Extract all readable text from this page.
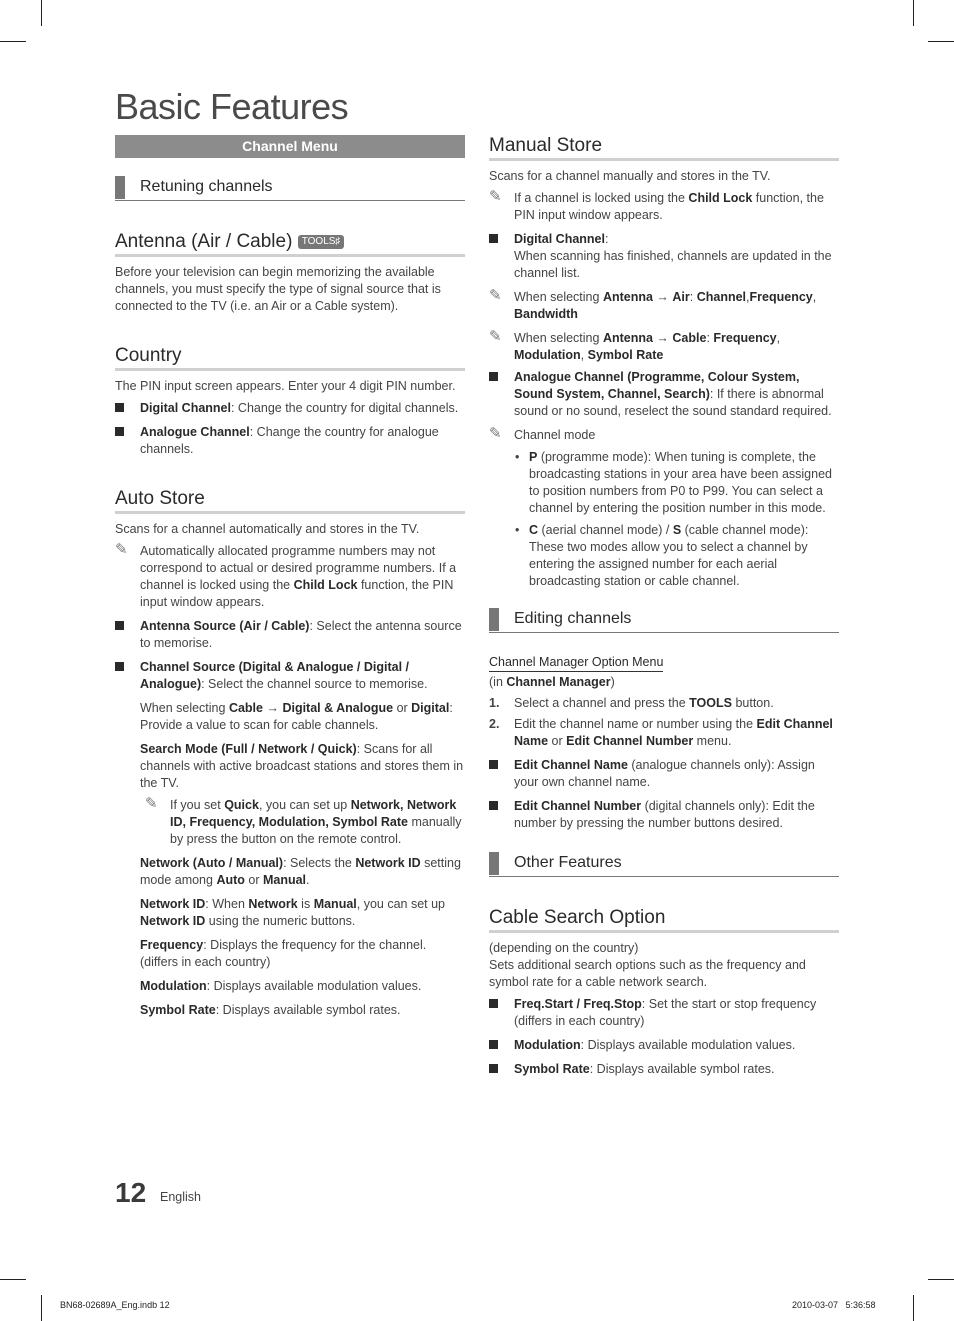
Basic Features
Channel Menu
Retuning channels
Antenna (Air / Cable) TOOLS♯

Before your television can begin memorizing the available channels, you must specify the type of signal source that is connected to the TV (i.e. an Air or a Cable system).

Country

The PIN input screen appears. Enter your 4 digit PIN number.

Digital Channel: Change the country for digital channels.
Analogue Channel: Change the country for analogue channels.
Auto Store

Scans for a channel automatically and stores in the TV.

✎ Automatically allocated programme numbers may not correspond to actual or desired programme numbers. If a channel is locked using the Child Lock function, the PIN input window appears.
Antenna Source (Air / Cable): Select the antenna source to memorise.
Channel Source (Digital & Analogue / Digital / Analogue): Select the channel source to memorise.
When selecting Cable → Digital & Analogue or Digital: Provide a value to scan for cable channels.
Search Mode (Full / Network / Quick): Scans for all channels with active broadcast stations and stores them in the TV.
✎ If you set Quick, you can set up Network, Network ID, Frequency, Modulation, Symbol Rate manually by press the button on the remote control.
Network (Auto / Manual): Selects the Network ID setting mode among Auto or Manual.
Network ID: When Network is Manual, you can set up Network ID using the numeric buttons.
Frequency: Displays the frequency for the channel. (differs in each country)
Modulation: Displays available modulation values.
Symbol Rate: Displays available symbol rates.
Manual Store

Scans for a channel manually and stores in the TV.

✎ If a channel is locked using the Child Lock function, the PIN input window appears.
Digital Channel:
When scanning has finished, channels are updated in the channel list.
✎ When selecting Antenna → Air: Channel,Frequency, Bandwidth
✎ When selecting Antenna → Cable: Frequency, Modulation, Symbol Rate
Analogue Channel (Programme, Colour System, Sound System, Channel, Search): If there is abnormal sound or no sound, reselect the sound standard required.
✎ Channel mode
• P (programme mode): When tuning is complete, the broadcasting stations in your area have been assigned to position numbers from P0 to P99. You can select a channel by entering the position number in this mode.
• C (aerial channel mode) / S (cable channel mode): These two modes allow you to select a channel by entering the assigned number for each aerial broadcasting station or cable channel.
Editing channels
Channel Manager Option Menu

(in Channel Manager)

1. Select a channel and press the TOOLS button.
2. Edit the channel name or number using the Edit Channel Name or Edit Channel Number menu.
Edit Channel Name (analogue channels only): Assign your own channel name.
Edit Channel Number (digital channels only): Edit the number by pressing the number buttons desired.
Other Features
Cable Search Option

(depending on the country)

Sets additional search options such as the frequency and symbol rate for a cable network search.

Freq.Start / Freq.Stop: Set the start or stop frequency (differs in each country)
Modulation: Displays available modulation values.
Symbol Rate: Displays available symbol rates.
12 English
BN68-02689A_Eng.indb 12	2010-03-07   5:36:58
